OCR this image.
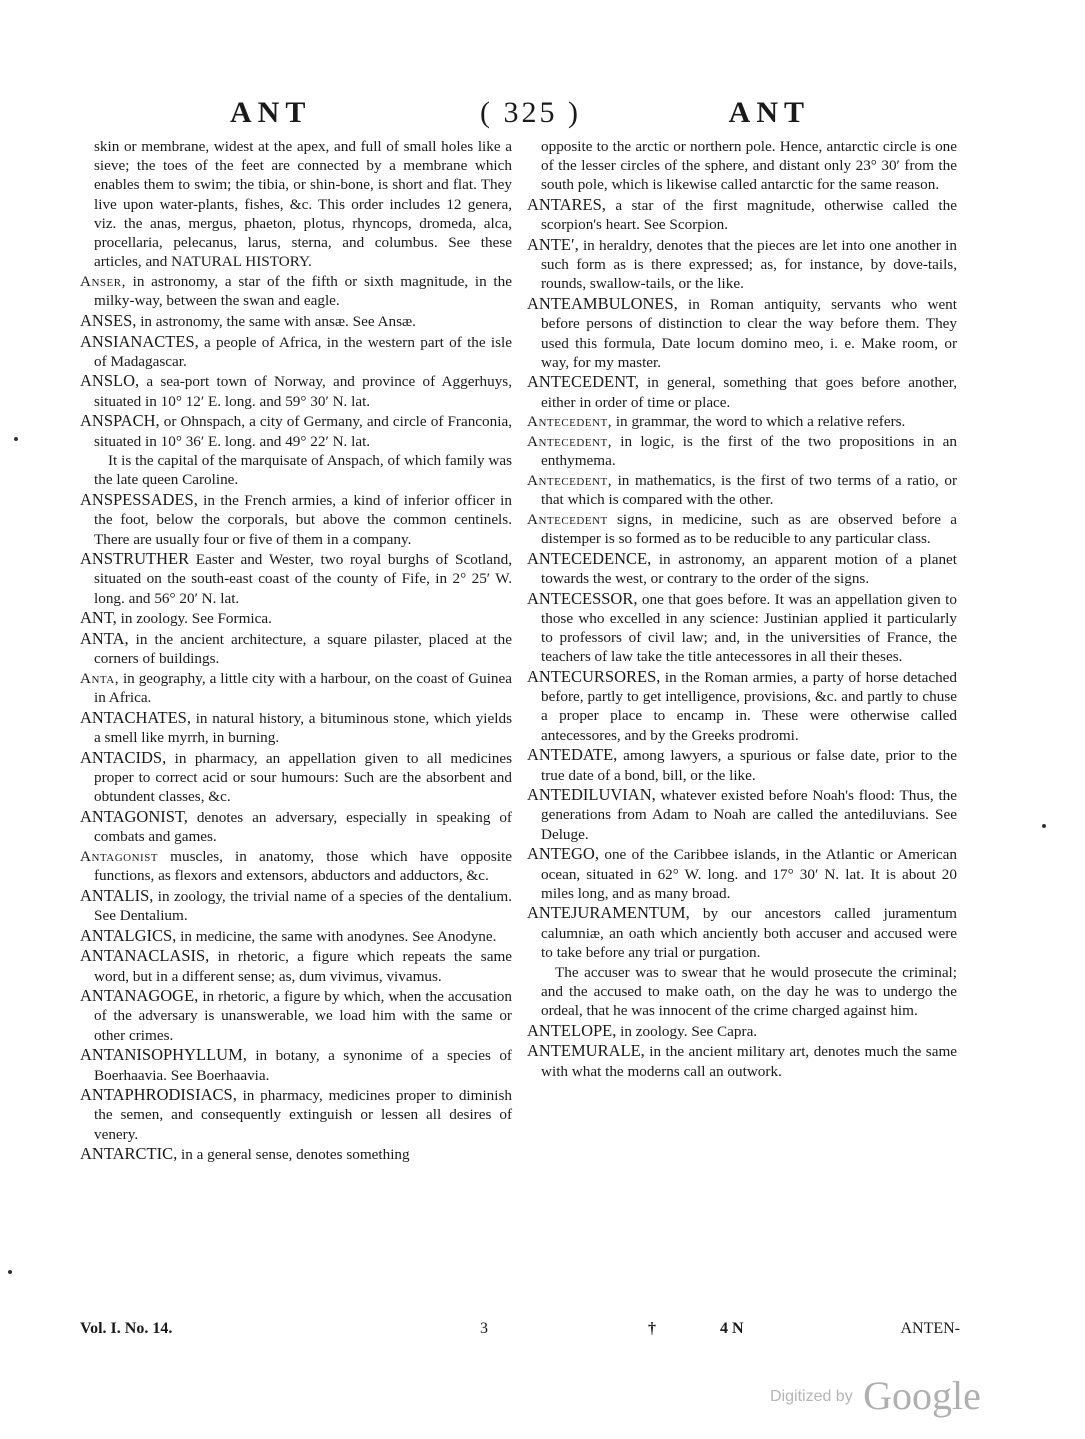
ANT	( 325 )	ANT

skin or membrane, widest at the apex, and full of small holes like a sieve; the toes of the feet are connected by a membrane which enables them to swim; the tibia, or shin-bone, is short and flat. They live upon water-plants, fishes, &c. This order includes 12 genera, viz. the anas, mergus, phaeton, plotus, rhyncops, dromeda, alca, procellaria, pelecanus, larus, sterna, and columbus. See these articles, and NATURAL HISTORY.

Anser, in astronomy, a star of the fifth or sixth magnitude, in the milky-way, between the swan and eagle.

ANSES, in astronomy, the same with ansæ. See Ansæ.

ANSIANACTES, a people of Africa, in the western part of the isle of Madagascar.

ANSLO, a sea-port town of Norway, and province of Aggerhuys, situated in 10° 12′ E. long. and 59° 30′ N. lat.

ANSPACH, or Ohnspach, a city of Germany, and circle of Franconia, situated in 10° 36′ E. long. and 49° 22′ N. lat.

It is the capital of the marquisate of Anspach, of which family was the late queen Caroline.

ANSPESSADES, in the French armies, a kind of inferior officer in the foot, below the corporals, but above the common centinels. There are usually four or five of them in a company.

ANSTRUTHER Easter and Wester, two royal burghs of Scotland, situated on the south-east coast of the county of Fife, in 2° 25′ W. long. and 56° 20′ N. lat.

ANT, in zoology. See Formica.

ANTA, in the ancient architecture, a square pilaster, placed at the corners of buildings.

Anta, in geography, a little city with a harbour, on the coast of Guinea in Africa.

ANTACHATES, in natural history, a bituminous stone, which yields a smell like myrrh, in burning.

ANTACIDS, in pharmacy, an appellation given to all medicines proper to correct acid or sour humours: Such are the absorbent and obtundent classes, &c.

ANTAGONIST, denotes an adversary, especially in speaking of combats and games.

Antagonist muscles, in anatomy, those which have opposite functions, as flexors and extensors, abductors and adductors, &c.

ANTALIS, in zoology, the trivial name of a species of the dentalium. See Dentalium.

ANTALGICS, in medicine, the same with anodynes. See Anodyne.

ANTANACLASIS, in rhetoric, a figure which repeats the same word, but in a different sense; as, dum vivimus, vivamus.

ANTANAGOGE, in rhetoric, a figure by which, when the accusation of the adversary is unanswerable, we load him with the same or other crimes.

ANTANISOPHYLLUM, in botany, a synonime of a species of Boerhaavia. See Boerhaavia.

ANTAPHRODISIACS, in pharmacy, medicines proper to diminish the semen, and consequently extinguish or lessen all desires of venery.

ANTARCTIC, in a general sense, denotes something

opposite to the arctic or northern pole. Hence, antarctic circle is one of the lesser circles of the sphere, and distant only 23° 30′ from the south pole, which is likewise called antarctic for the same reason.

ANTARES, a star of the first magnitude, otherwise called the scorpion's heart. See Scorpion.

ANTE′, in heraldry, denotes that the pieces are let into one another in such form as is there expressed; as, for instance, by dove-tails, rounds, swallow-tails, or the like.

ANTEAMBULONES, in Roman antiquity, servants who went before persons of distinction to clear the way before them. They used this formula, Date locum domino meo, i. e. Make room, or way, for my master.

ANTECEDENT, in general, something that goes before another, either in order of time or place.

Antecedent, in grammar, the word to which a relative refers.

Antecedent, in logic, is the first of the two propositions in an enthymema.

Antecedent, in mathematics, is the first of two terms of a ratio, or that which is compared with the other.

Antecedent signs, in medicine, such as are observed before a distemper is so formed as to be reducible to any particular class.

ANTECEDENCE, in astronomy, an apparent motion of a planet towards the west, or contrary to the order of the signs.

ANTECESSOR, one that goes before. It was an appellation given to those who excelled in any science: Justinian applied it particularly to professors of civil law; and, in the universities of France, the teachers of law take the title antecessores in all their theses.

ANTECURSORES, in the Roman armies, a party of horse detached before, partly to get intelligence, provisions, &c. and partly to chuse a proper place to encamp in. These were otherwise called antecessores, and by the Greeks prodromi.

ANTEDATE, among lawyers, a spurious or false date, prior to the true date of a bond, bill, or the like.

ANTEDILUVIAN, whatever existed before Noah's flood: Thus, the generations from Adam to Noah are called the antediluvians. See Deluge.

ANTEGO, one of the Caribbee islands, in the Atlantic or American ocean, situated in 62° W. long. and 17° 30′ N. lat. It is about 20 miles long, and as many broad.

ANTEJURAMENTUM, by our ancestors called juramentum calumniæ, an oath which anciently both accuser and accused were to take before any trial or purgation.

The accuser was to swear that he would prosecute the criminal; and the accused to make oath, on the day he was to undergo the ordeal, that he was innocent of the crime charged against him.

ANTELOPE, in zoology. See Capra.

ANTEMURALE, in the ancient military art, denotes much the same with what the moderns call an outwork.

Vol. I. No. 14.	3	†	4 N	ANTEN-
Digitized by Google
